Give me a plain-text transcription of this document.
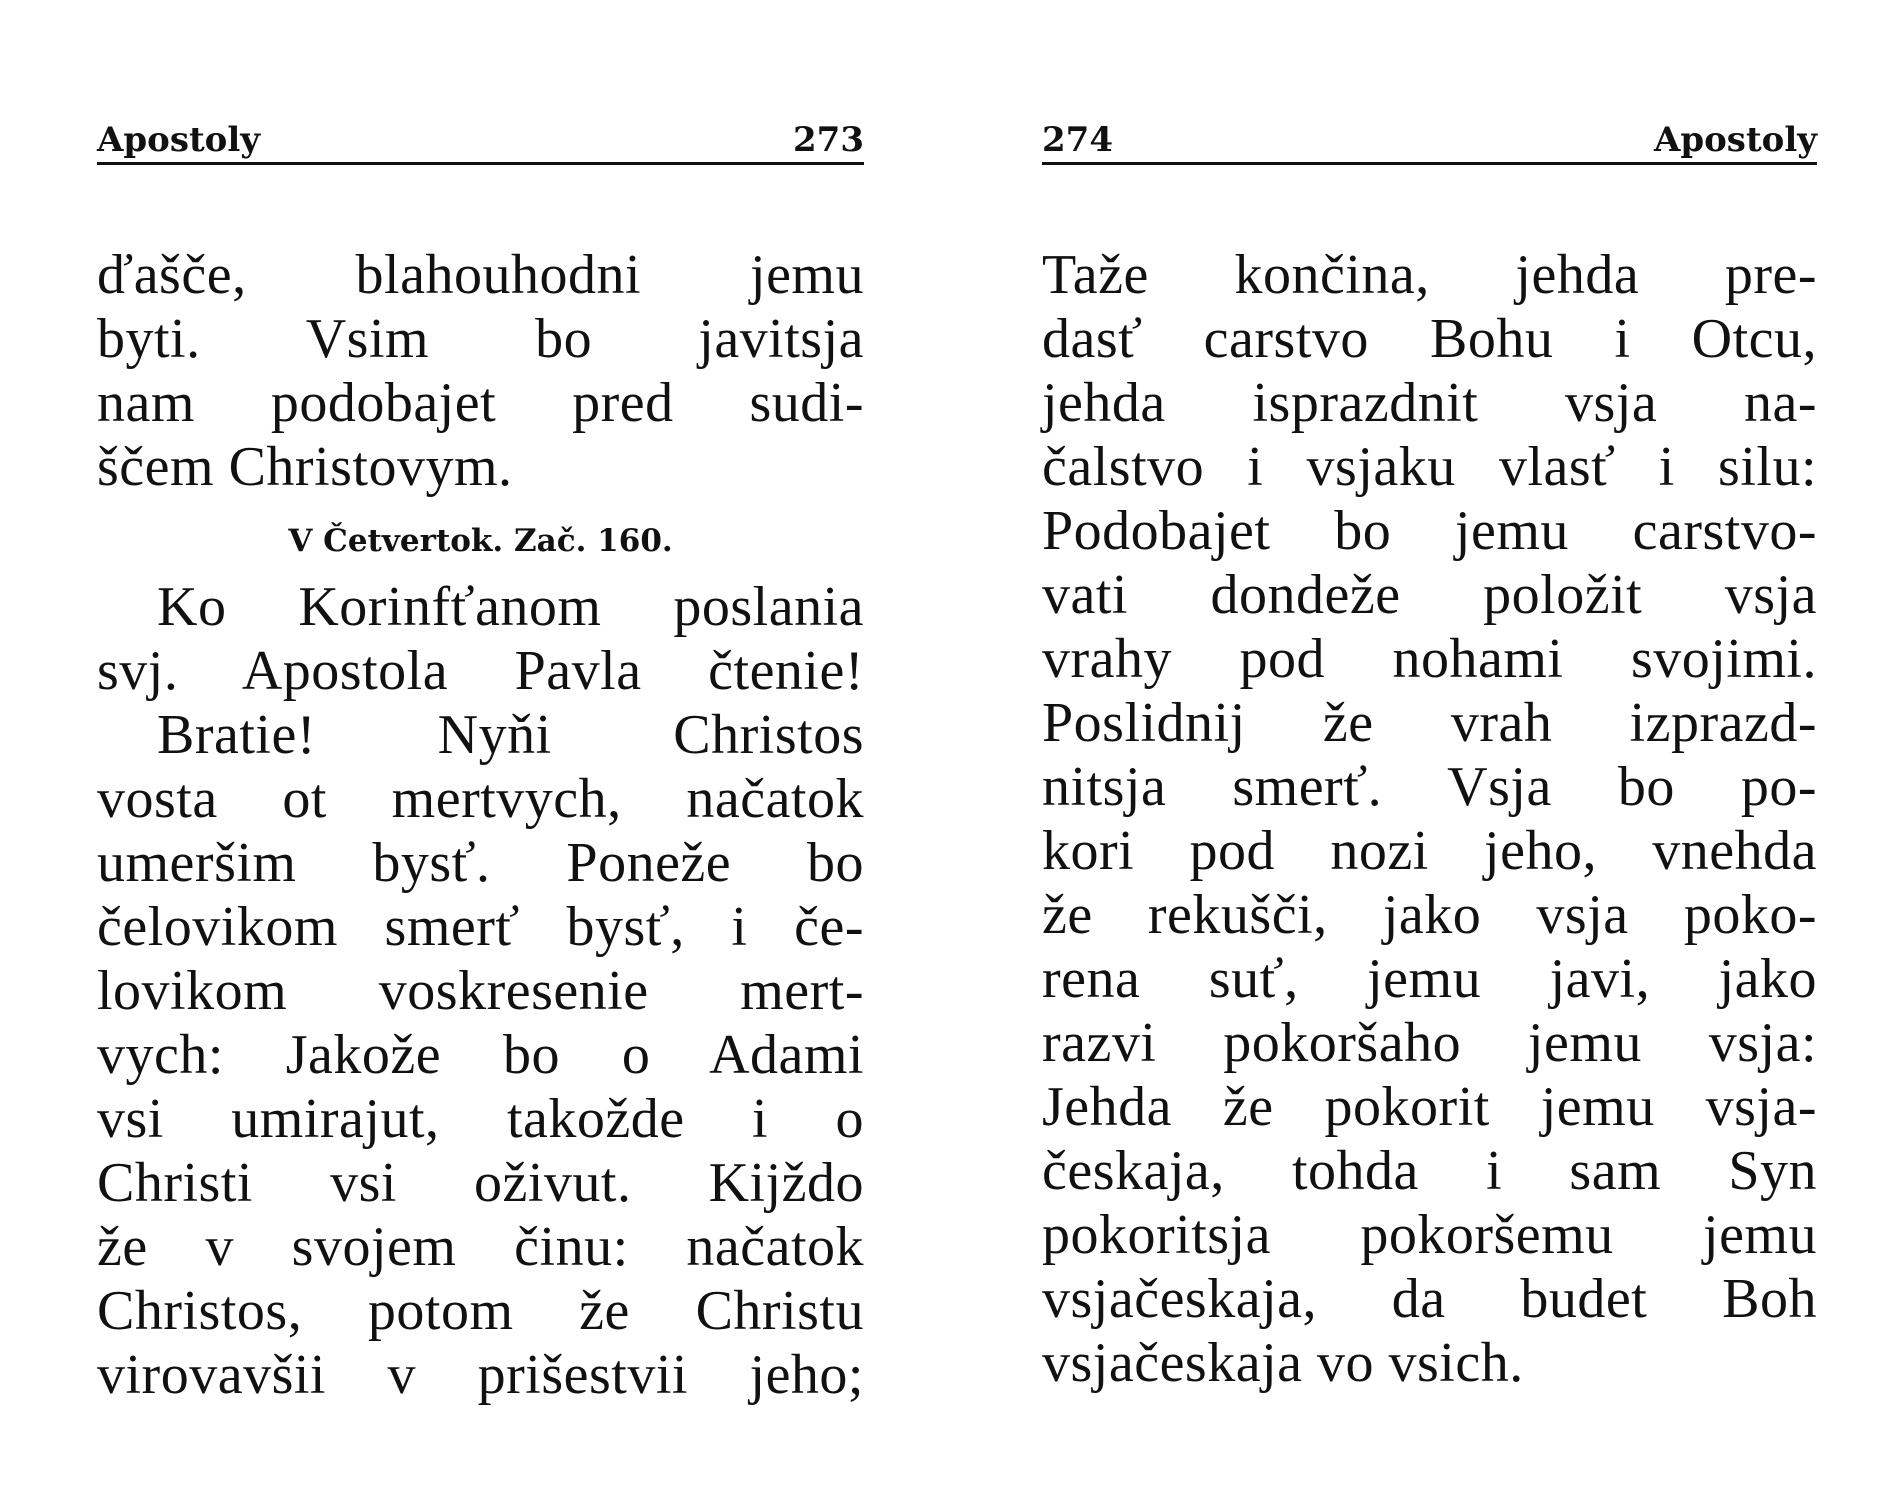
Apostoly	273
ďašče, blahouhodni jemu
byti. Vsim bo javitsja
nam podobajet pred sudi-
ščem Christovym.
V Četvertok. Zač. 160.
Ko Korinfťanom poslania
svj. Apostola Pavla čtenie!
Bratie! Nyňi Christos
vosta ot mertvych, načatok
umeršim bysť. Poneže bo
čelovikom smerť bysť, i če-
lovikom voskresenie mert-
vych: Jakože bo o Adami
vsi umirajut, takožde i o
Christi vsi oživut. Kijždo
že v svojem činu: načatok
Christos, potom že Christu
virovavšii v prišestvii jeho;
274	Apostoly
Taže končina, jehda pre-
dasť carstvo Bohu i Otcu,
jehda isprazdnit vsja na-
čalstvo i vsjaku vlasť i silu:
Podobajet bo jemu carstvo-
vati dondeže položit vsja
vrahy pod nohami svojimi.
Poslidnij že vrah izprazd-
nitsja smerť. Vsja bo po-
kori pod nozi jeho, vnehda
že rekušči, jako vsja poko-
rena suť, jemu javi, jako
razvi pokoršaho jemu vsja:
Jehda že pokorit jemu vsja-
českaja, tohda i sam Syn
pokoritsja pokoršemu jemu
vsjačeskaja, da budet Boh
vsjačeskaja vo vsich.
